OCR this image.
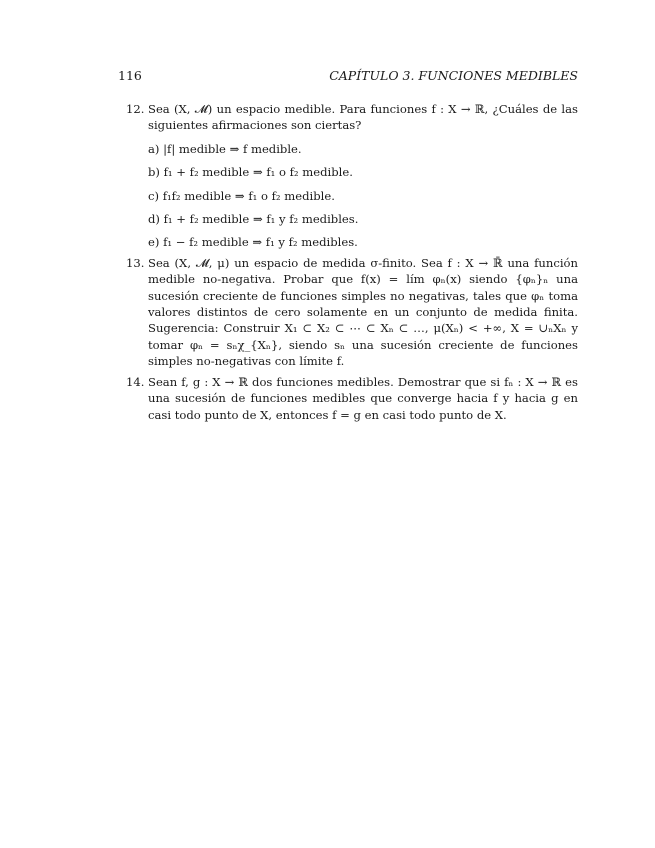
116	CAPÍTULO 3. FUNCIONES MEDIBLES
12. Sea (X, 𝓜) un espacio medible. Para funciones f : X → ℝ, ¿Cuáles de las siguientes afirmaciones son ciertas?
a) |f| medible ⇒ f medible.
b) f₁ + f₂ medible ⇒ f₁ o f₂ medible.
c) f₁f₂ medible ⇒ f₁ o f₂ medible.
d) f₁ + f₂ medible ⇒ f₁ y f₂ medibles.
e) f₁ − f₂ medible ⇒ f₁ y f₂ medibles.
13. Sea (X, 𝓜, μ) un espacio de medida σ-finito. Sea f : X → ℝ̄ una función medible no-negativa. Probar que f(x) = lím φₙ(x) siendo {φₙ}ₙ una sucesión creciente de funciones simples no negativas, tales que φₙ toma valores distintos de cero solamente en un conjunto de medida finita. Sugerencia: Construir X₁ ⊂ X₂ ⊂ ⋯ ⊂ Xₙ ⊂ …, μ(Xₙ) < +∞, X = ∪ₙXₙ y tomar φₙ = sₙχ_{Xₙ}, siendo sₙ una sucesión creciente de funciones simples no-negativas con límite f.
14. Sean f, g : X → ℝ dos funciones medibles. Demostrar que si fₙ : X → ℝ es una sucesión de funciones medibles que converge hacia f y hacia g en casi todo punto de X, entonces f = g en casi todo punto de X.
